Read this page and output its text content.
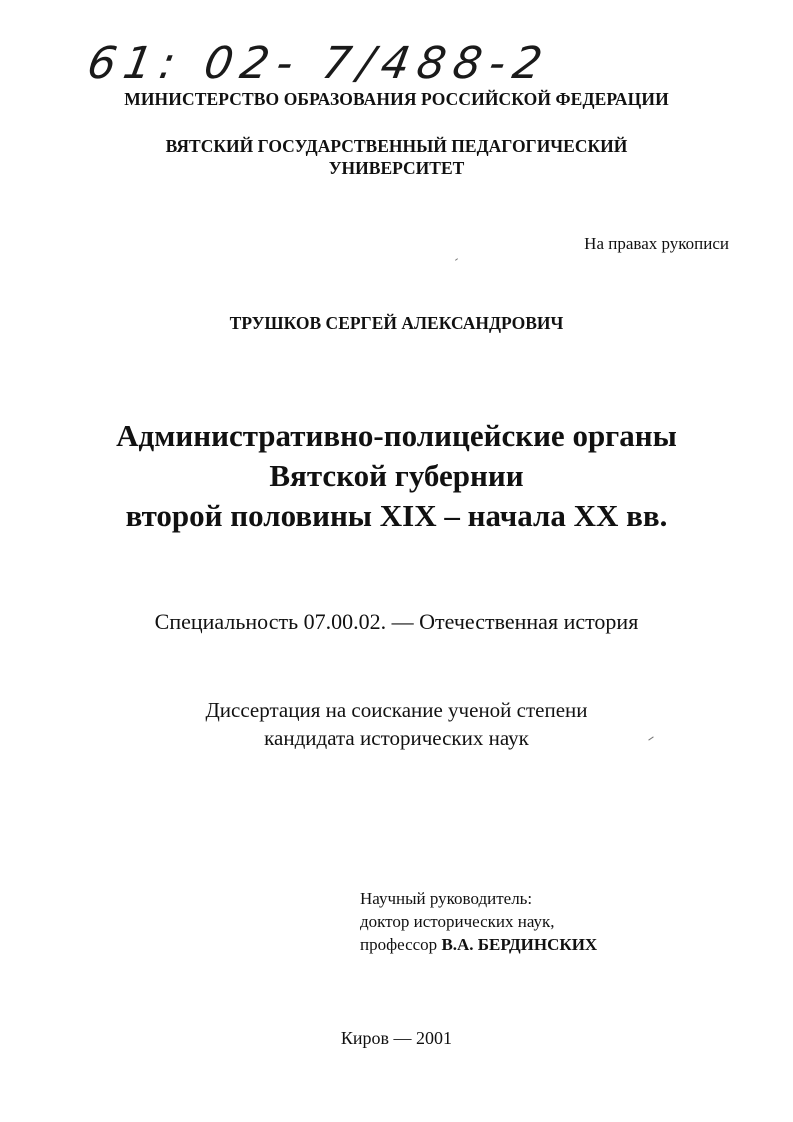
61: 02- 7/488-2
МИНИСТЕРСТВО ОБРАЗОВАНИЯ РОССИЙСКОЙ ФЕДЕРАЦИИ
ВЯТСКИЙ ГОСУДАРСТВЕННЫЙ ПЕДАГОГИЧЕСКИЙ
УНИВЕРСИТЕТ
На правах рукописи
ТРУШКОВ СЕРГЕЙ АЛЕКСАНДРОВИЧ
Административно-полицейские органы
Вятской губернии
второй половины XIX – начала XX вв.
Специальность 07.00.02. — Отечественная история
Диссертация на соискание ученой степени
кандидата исторических наук
Научный руководитель:
доктор исторических наук,
профессор В.А. БЕРДИНСКИХ
Киров — 2001
